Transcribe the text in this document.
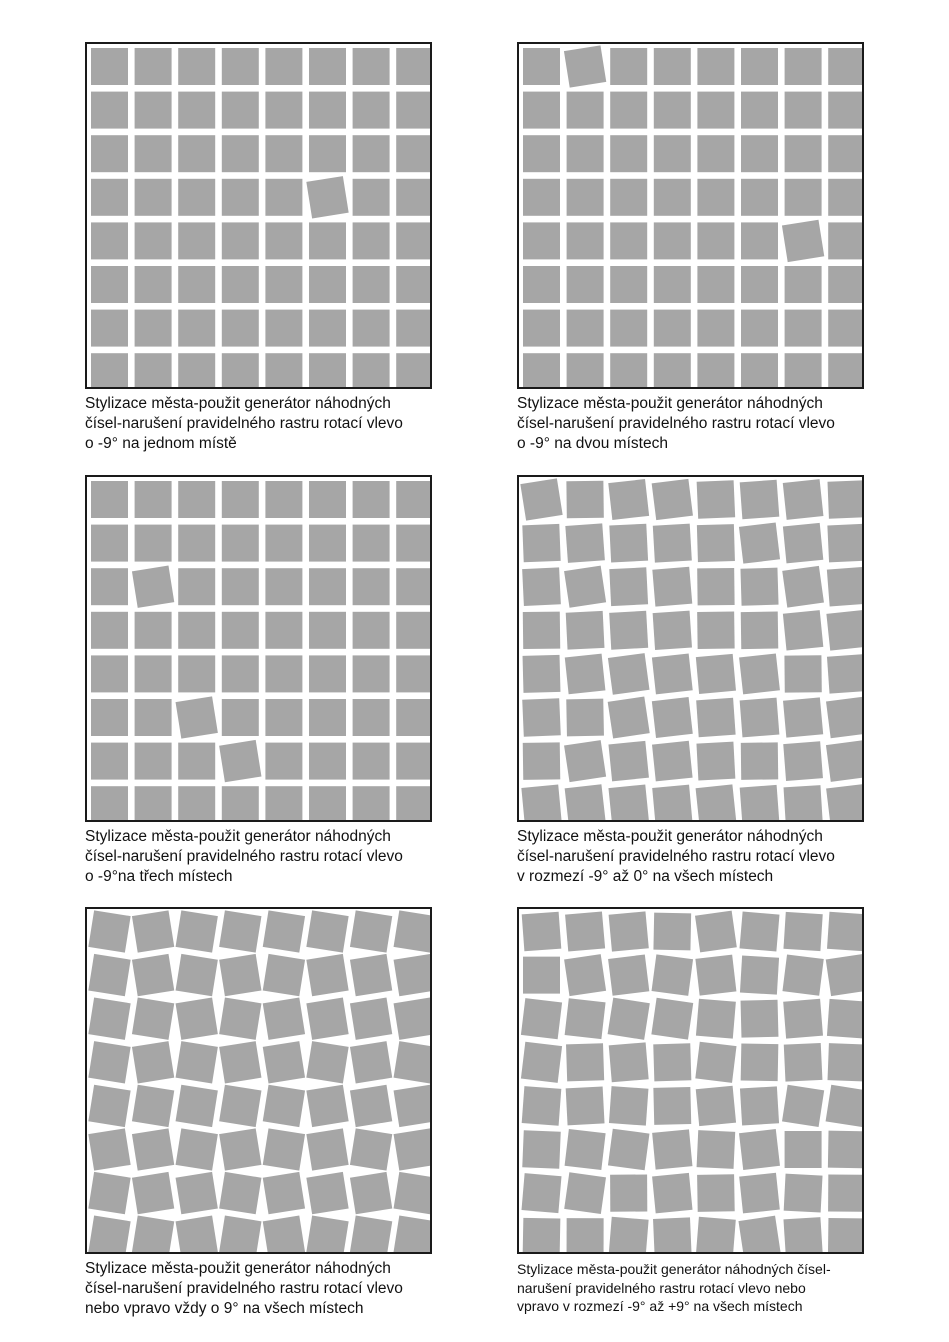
Stylizace města-použit generátor náhodných
čísel-narušení pravidelného rastru rotací vlevo
o -9° na jednom místě
Stylizace města-použit generátor náhodných
čísel-narušení pravidelného rastru rotací vlevo
o -9° na dvou místech
Stylizace města-použit generátor náhodných
čísel-narušení pravidelného rastru rotací vlevo
o -9°na třech místech
Stylizace města-použit generátor náhodných
čísel-narušení pravidelného rastru rotací vlevo
v rozmezí -9° až 0° na všech místech
Stylizace města-použit generátor náhodných
čísel-narušení pravidelného rastru rotací vlevo
nebo vpravo vždy o 9° na všech místech
Stylizace města-použit generátor náhodných čísel-
narušení pravidelného rastru rotací vlevo nebo
vpravo v rozmezí -9° až +9° na všech místech
